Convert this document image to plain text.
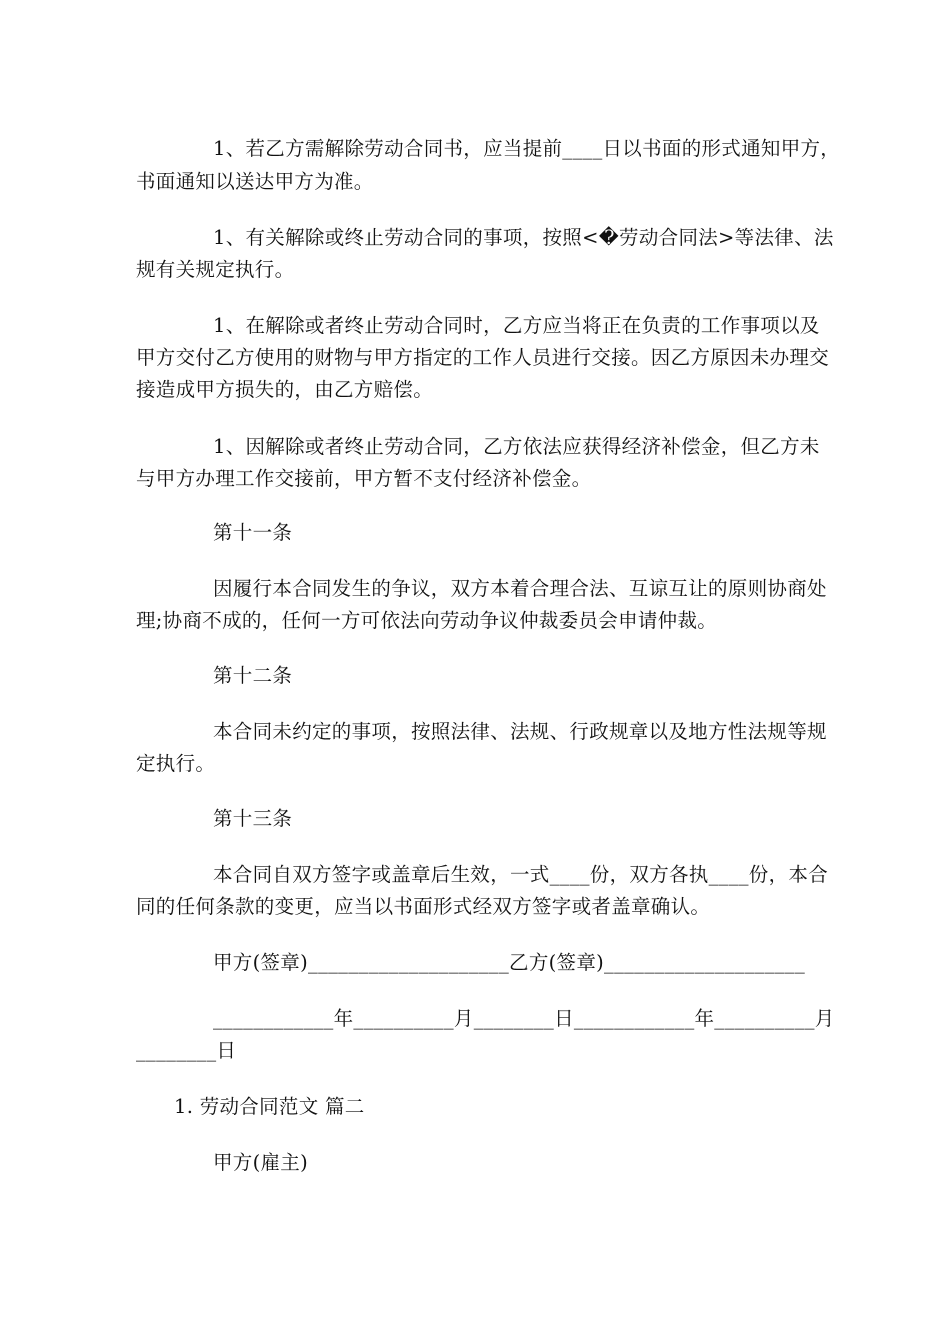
1、若乙方需解除劳动合同书，应当提前____日以书面的形式通知甲方，
书面通知以送达甲方为准。
1、有关解除或终止劳动合同的事项，按照<�劳动合同法>等法律、法
规有关规定执行。
1、在解除或者终止劳动合同时，乙方应当将正在负责的工作事项以及
甲方交付乙方使用的财物与甲方指定的工作人员进行交接。因乙方原因未办理交
接造成甲方损失的，由乙方赔偿。
1、因解除或者终止劳动合同，乙方依法应获得经济补偿金，但乙方未
与甲方办理工作交接前，甲方暂不支付经济补偿金。
第十一条
因履行本合同发生的争议，双方本着合理合法、互谅互让的原则协商处
理;协商不成的，任何一方可依法向劳动争议仲裁委员会申请仲裁。
第十二条
本合同未约定的事项，按照法律、法规、行政规章以及地方性法规等规
定执行。
第十三条
本合同自双方签字或盖章后生效，一式____份，双方各执____份，本合
同的任何条款的变更，应当以书面形式经双方签字或者盖章确认。
甲方(签章)____________________乙方(签章)____________________
____________年__________月________日____________年__________月
________日
1. 劳动合同范文 篇二
甲方(雇主)
